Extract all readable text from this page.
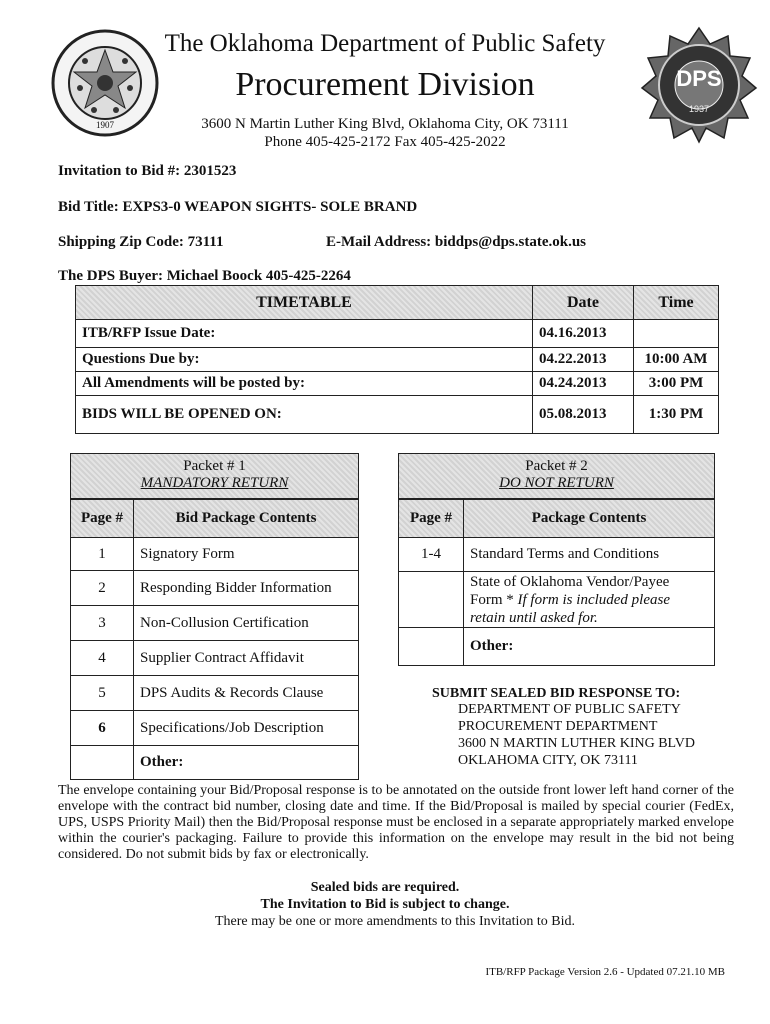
DPS
1937
1907
The Oklahoma Department of Public Safety
Procurement Division
3600 N Martin Luther King Blvd, Oklahoma City, OK 73111
Phone 405-425-2172 Fax 405-425-2022
Invitation to Bid #: 2301523
Bid Title: EXPS3-0 WEAPON SIGHTS- SOLE BRAND
Shipping Zip Code: 73111	E-Mail Address: biddps@dps.state.ok.us
The DPS Buyer: Michael Boock 405-425-2264
TIMETABLE	Date	Time
ITB/RFP Issue Date:	04.16.2013	
Questions Due by:	04.22.2013	10:00 AM
All Amendments will be posted by:	04.24.2013	3:00 PM
BIDS WILL BE OPENED ON:	05.08.2013	1:30 PM
Packet # 1
MANDATORY RETURN
Page #	Bid Package Contents
1	Signatory Form
2	Responding Bidder Information
3	Non-Collusion Certification
4	Supplier Contract Affidavit
5	DPS Audits & Records Clause
6	Specifications/Job Description
	Other:
Packet # 2
DO NOT RETURN
Page #	Package Contents
1-4	Standard Terms and Conditions
	State of Oklahoma Vendor/Payee
Form * If form is included please
retain until asked for.
	Other:
SUBMIT SEALED BID RESPONSE TO:
DEPARTMENT OF PUBLIC SAFETY
PROCUREMENT DEPARTMENT
3600 N MARTIN LUTHER KING BLVD
OKLAHOMA CITY, OK 73111
The envelope containing your Bid/Proposal response is to be annotated on the outside front lower left hand corner of the envelope with the contract bid number, closing date and time. If the Bid/Proposal is mailed by special courier (FedEx, UPS, USPS Priority Mail) then the Bid/Proposal response must be enclosed in a separate appropriately marked envelope within the courier's packaging. Failure to provide this information on the envelope may result in the bid not being considered. Do not submit bids by fax or electronically.
Sealed bids are required.
The Invitation to Bid is subject to change.
There may be one or more amendments to this Invitation to Bid.
ITB/RFP Package Version 2.6 - Updated 07.21.10 MB
